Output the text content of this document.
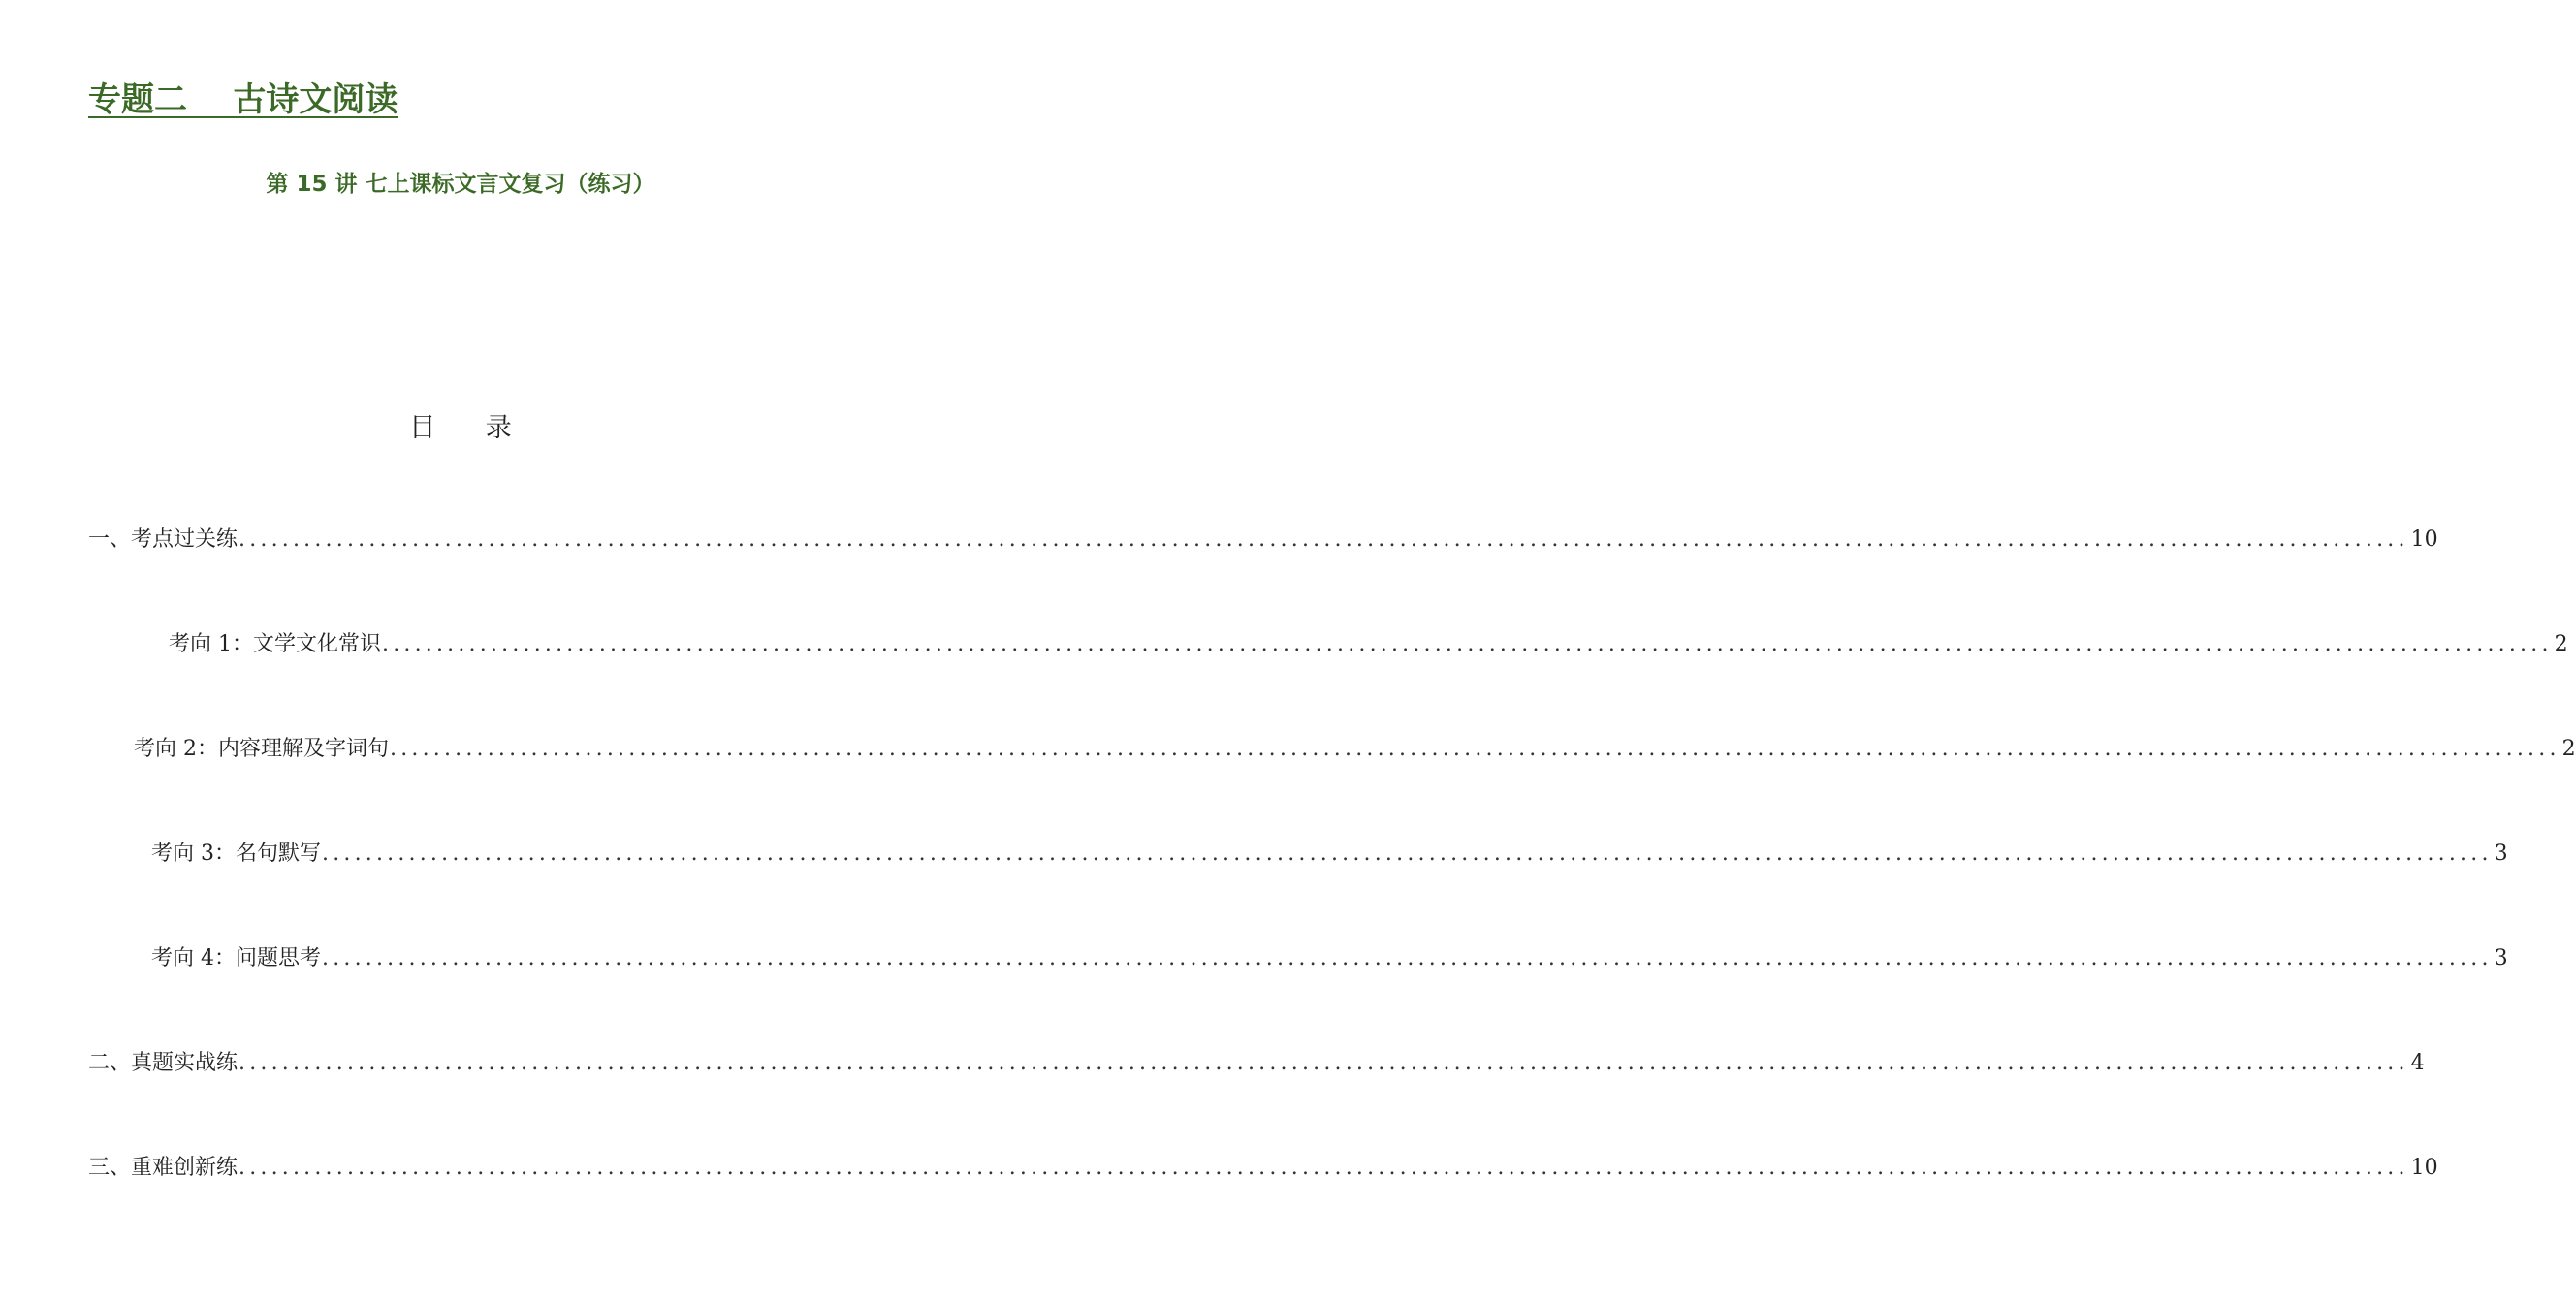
专题二    古诗文阅读
第 15 讲 七上课标文言文复习（练习）
目      录
一、考点过关练 ........................................................................................................................................................................................................ 10
考向 1：文学文化常识 ........................................................................................................................................................................................................ 2
考向 2：内容理解及字词句 ........................................................................................................................................................................................................ 2
考向 3：名句默写 ........................................................................................................................................................................................................ 3
考向 4：问题思考 ........................................................................................................................................................................................................ 3
二、真题实战练 ........................................................................................................................................................................................................ 4
三、重难创新练 ........................................................................................................................................................................................................ 10
